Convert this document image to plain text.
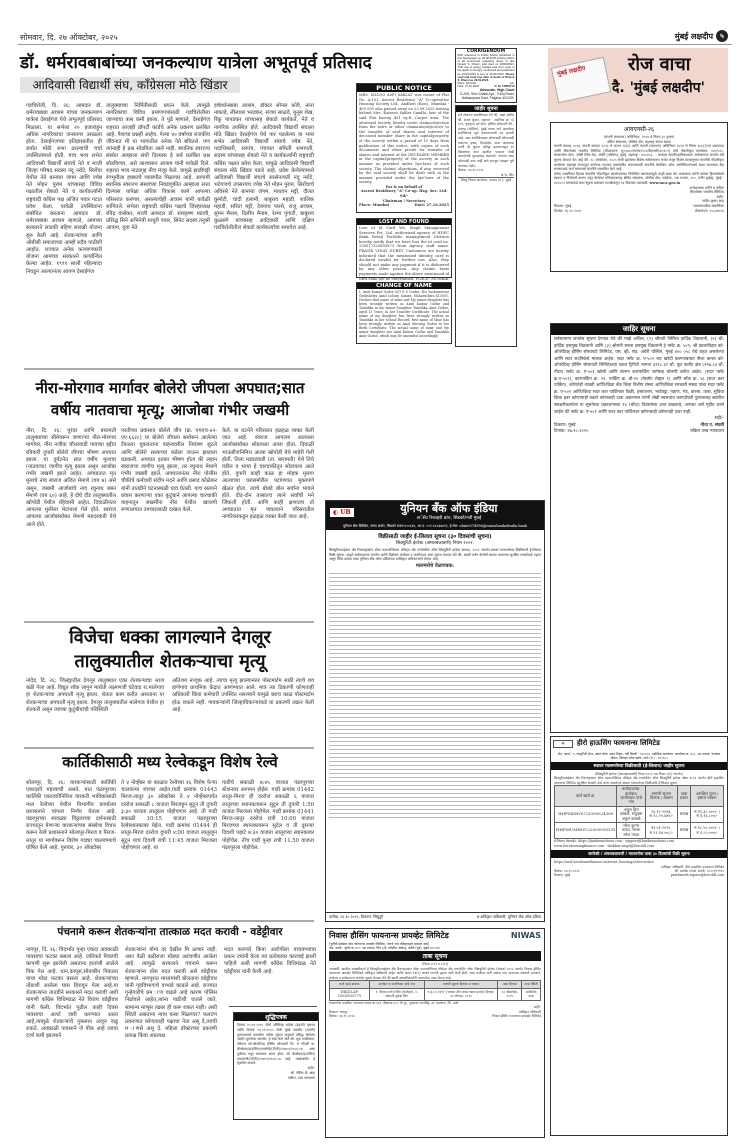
सोमवार, दि. २७ ऑक्टोबर, २०२५	मुंबई लक्षदीप	५
डॉ. धर्मरावबाबांच्या जनकल्याण यात्रेला अभूतपूर्व प्रतिसाद
आदिवासी विद्यार्थी संघ, काँग्रेसला मोठे खिंडार
गडचिरोली, दि. २६: आमदार डॉ. धर्मरावबाबा आत्राम यांच्या जनकल्याण यात्रेला देसाईगंज येथे अभूतपूर्व प्रतिसाद मिळाला. या सभेला २० हजारांहून अधिक नागरिकांचा जनसागर उसळला होता. देसाईगंजच्या इतिहासातील ही सर्वात मोठी सभा ठरल्याची चर्चा उपस्थितांमध्ये होती. याच भव्य सभेत आदिवासी विद्यार्थी संघाचे नेते व माजी जिल्हा परिषद सदस्य नंदू नरोटे, सिरोंचा येथील नेते बानय्या जंगम आणि ज्येष्ठ नेते मोहन पुराम यांच्यासह विविध पक्षातील शेकडो नेते व कार्यकर्त्यांनी राष्ट्रवादी काँग्रेस पक्ष अजित पवार गटात प्रवेश केला. यावेळी उपस्थितांना संबोधित करताना आमदार डॉ. धर्मरावबाबा आत्राम म्हणाले, आमच्या सरकारने लाडकी बहिण सारखी योजना सुरु केली आहे. शेतकऱ्यांच्या आणि ओबीसी समाजाच्या आम्ही सदैव पाठीशी आहोत. राज्यात अनेक कल्याणकारी योजना आमच्या सरकारने कार्यान्वित केल्या आहेत. १९९१ साली पहिल्यांदा निवडून आल्यानंतर आपण देसाईगंज
तालुक्याच्या निर्मितीसाठी प्रयत्न केले. त्यामुळे नागरिकांचा विविध प्रमाणपत्रांसाठी गडचिरोलीला जाण्याचा त्रास कमी झाला. ते पुढे म्हणाले, देसाईगंज शहरात आजही प्रॉपर्टी कार्डचे अनेक प्रकरण प्रलंबित आहे. पैशाचा प्रश्नही आहेच. गेल्या ४० वर्षाच्या राजकीय जीवनात मी या भागातील अनेक नेते बघितले. पण त्यांनाही हे प्रश्न सोडविता आले नाही. स्थानिक स्वराज्य संस्थेत आम्हाला संधी दिल्यास हे सर्व प्रलंबित प्रश्न सोडविणार, असे आश्वासन आत्राम यांनी यावेळी दिले. शहरात भव्य नाट्यगृह नीच मंजूर केले. यामुळे झाडीपट्टी रंगभूमीला हक्काचे व्यासपीठ मिळणार आहे. आगामी स्थानिक स्वराज्य संस्थांच्या निवडणुकीत आम्हाला सत्ता दिल्यास यापेक्षा अधिक विकास कामे आपल्या परिसरात करणार, असल्याचेही आत्राम यांनी यावेळी सांगितले. सभेला राष्ट्रवादी काँग्रेस पक्षाचे जिल्हाध्यक्ष रविंद्र वासेकर, माजी आमदार डॉ. रामकृष्ण मडावी, प्रसिद्ध सिने अभिनेत्री माधुरी पवार, सिनेट सदस्य तनुश्री आत्राम, युवा नेते
हर्षवर्धनबाबा आत्राम, डॉक्टर सोनल कोवे, नाना नाकाडे, लीलाधर भरडकर, संजय साळवे, युनूस शेख, रिंकू पापडकर यांच्यासह शेकडो कार्यकर्ते, नेते व नागरिक उपस्थित होते. आदिवासी विद्यार्थी संघाला मोठे खिंडार देसाईगंज येथे पार पडलेल्या या भव्य सभेत आदिवासी विद्यार्थी संघाचे ज्येष्ठ नेते, पदाधिकारी, सरपंच, पंचायत समिती सभापती, सदस्य यांच्यासह शेकडो नेते व कार्यकर्त्यांनी राष्ट्रवादी काँग्रेस पक्षात प्रवेश केला. यामुळे आदिवासी विद्यार्थी संघाला मोठे खिंडार पडले आहे. प्रवेश केलेल्यांमध्ये आदिवासी विद्यार्थी संघाचे सरसेनापती नंदू नरोटे, भटेगावचे उपसरपंच ज्येष्ठ नेते मोहन पुराम, सिरोंचाचे अविसरे नेते बानय्या जंगम, माधवन मट्टी, दौलत कुमोटी, चांदी हलामी, बाबुराव महाडी, शालिक महाडी, सरिता मट्टी, देवनाथ पारसे, राजू आत्राम, सुमन मैनाम, दिलीप मैनाम, रेश्मा पुंगाटी, बाबुराव कुळसंगे यांच्यासह आदिवासी आणि दक्षिण गडचिरोलीतील शेकडो कार्यकर्त्यांचा समावेश आहे.
PUBLIC NOTICE
MRS. SILLOO ASPI SAKLAT was owner of Flat No. A-101, Ascent Residency "A" Co-operative Housing Society Ltd., Andheri (East), Mumbai - 400 093 who passed away on 23.09.2025 leaving behind Mrs. Kaizeen Saklat Gandhi, heir of the said Flat having 451 sq.ft. Carpet area. The aforesaid Society hereby invite claims/objection from the heirs or other claimants/objector/s to the transfer of said shares and interest of deceased member share in the capital/property of the society within a period of 15 days from publication of this notice, with copies of such documents and other proofs for transfer of shares and interest of the DECEASED MEMBER in the capital/property of the society in such manner as provided under bye-laws of such society. The claims/ objections, if any, received by the said society shall be dealt with in the manner provided under the bye-laws of the society.
For & on behalf of
Ascent Residency "A" Co-op. Hsg. Soc. Ltd.
Sd/-
Chairman / Secretary
Place: Mumbai	Date: 27.10.2025
LOST AND FOUND
Loss of Id Card We, Singh Management Services Pvt. Ltd. authorized agency of HDFC Bank Retail Portfolio management Division hereby notify that we have lost the id card no. 250517325803873 from Agency staff name. PRATIK VINAY DUBEY. Customers are hereby informed that the mentioned identity card is declared invalid for further use. Also, they should not make any payment if it is disbursed by any other person. Any claims basis payments made against the above mentioned id card shall not be entertained. PLACE: MUMBAI
CHANGE OF NAME
I, Amit Kumar Godse S/O S S Godse, R/o Yashwantrao Grukshetra Azad Colony, Satara, Maharashtra 415001, Declare that name of mine and My minor daughter has been wrongly written as Amit Kumar Godse and Tanishka in my minor Daughter Tanishka Amit Godse, aged 13 Years, in her Transfer Certificate. The actual name of my daughter has been wrongly written as Tanishka in her School Record, first name of Mine has been wrongly written as Amit Shivang Godse in her Birth Certificate. The actual name of mine and My minor daughter are Amit Kumar Godse and Tanishka Amit Godse, which may be amended accordingly.
CORRIGENDUM
With reference to Public Notice published in this Newspaper on 20.08.2025 inviting claims of all concerned regarding share of late Dinesh S. Dhami, who died on 29/09/2023. That due to typing mistake and error, date of his death is wrongly mentioned and published as 23.09.2024 in lieu of 29.09.2023. Please read and treat true date of death of Dinesh S. Dhami as 29.09.2023.
Place: Mumbai	sd/-
Date: 27.10.2025	D. M. TRIPATHI
Advocate, High Court
G-206, Shiv Shakti Apt., Tulinj Road, Nallasopara East, Palghar 401209.
जाहीर सूचना
सर्व लोकांना कळविण्यात येते की, माझे अशील श्री. संजय कुमार, राहणार - सदनिका क्र. ए/१०१, गुरुकृपा को-ऑप. हौसिंग सोसायटी लि., मालाड (पश्चिम), मुंबई यांच्या नावे असलेल्या सदनिकेच्या मूळ करारनाम्याची प्रत हरवली आहे. सदर सदनिकेबाबत कोणाचाही कोणत्याही प्रकारचा हक्क, हितसंबंध, दावा असल्यास त्यांनी ही सूचना प्रसिद्ध झाल्यापासून १४ दिवसांच्या आत खालील पत्त्यावर लेखी कागदोपत्री पुराव्यासह कळवावे. अन्यथा असा कोणताही दावा नाही असे समजून व्यवहार पूर्ण करण्यात येईल.
दिनांक: २७.१०.२०२५
अॅड. सिंग
विष्णु निवास कार्यालय, मालाड (प.), मुंबई
मुंबई लक्षदीप रोज वाचा
दै. 'मुंबई लक्षदीप'
आयएनसी-२६
(कंपनी (स्थापना) अधिनियम, २०१४ चे नियम ३० नुसार)
क्षेत्रिय संचालक, पश्चिम क्षेत्र, महाराष्ट्र यांच्या समक्ष
कंपनी कायदा २०१३, कंपनी कायदा २०१३ चे कलम १३(४) आणि कंपनी (स्थापना) अधिनियम २०१४ चे नियम ३०(६)(अ) प्रकरणात आणि सिरलोक्स भारतीय लिमिटेड (सीआयएन: यू१५४००एमएच१९८६पीएलसी०४०९८१) यांचे नोंदणीकृत कार्यालय: ५०९/५१०, मेल्कन्स्टेल सेंटर, अंधेरी लिंक रोड, अंधेरी (पश्चिम), मुंबई, महाराष्ट्र - ४०००५३. ...अर्जदार कंपनी/याचिकाकर्ता. सर्वसामान्य जनतेस येथे सूचना देण्यात येत आहे की, २८ ऑक्टोबर, २०२५ रोजी झालेल्या विशेष सर्वसाधारण सभेत मंजूर विशेष ठरावानुसार कंपनीचे नोंदणीकृत कार्यालय महाराष्ट्र राज्यातून कर्नाटक राज्यात स्थलांतरित करण्यासाठी कंपनीचे मेमोरँडम ऑफ असोसिएशनमध्ये बदल करण्यास केंद्र सरकारकडे अर्ज करण्याचे कंपनीने प्रस्तावित केले आहे.
कोणा व्यक्तीच्या हितास कंपनीचे नोंदणीकृत कार्यालयाच्या नियोजित स्थलांतरामुळे काही बाधा येत असल्यास त्यांनी त्यांच्या हितसंबंधाचे स्वरूप व विरोधाचे कारण नमुद केलेल्या प्रतिज्ञापत्रासह क्षेत्रिय संचालक, पश्चिम क्षेत्र, एव्हरेस्ट, ५वा मजला, १००, मरीन ड्राईव्ह, मुंबई - ४००००२ यांच्याकडे सदर सूचना प्रकाशन तारखेपासून १४ दिवसांत पाठवावी. www.mca.gov.in
अर्जदाराच्या वतीने व करिता
सिरलोक्स भारतीय लिमिटेड
सही/-
संदीप कुमार शाह
ठिकाण: मुंबई	व्यवस्थापकीय संचालिका
दिनांक: २६.१०.२०२५	डीआयएन: ०५८४४५९६
जाहिर सूचना
सर्वसामान्य जनतेस सूचना देण्यात येते की माझे अशिल, (१) श्रीमती निर्मिला हार्दिक विठलानी, (२) श्री. हार्दिक हसमुख विठलानी आणि (३) श्रीमती सरला हसमुख विठलानी हे फ्लॅट क्र. ५०९, श्री कालाविहार को-ऑपरेटिव्ह हौसिंग सोसायटी लिमिटेड, एस. व्ही. रोड, अंधेरी पश्चिम, मुंबई ४०० ०५८ येथे राहत असलेल्या आणि सदर सदनिकेचे मालक आहेत. सदर फ्लॅट क्र. ए-५०१ च्या खरेदी करण्याबाबत नीला कमल को-ऑपरेटिव्ह हौसिंग सोसायटी लिमिटेडच्या एकत्र ट्रिनिटी भागात ३१९८.३१ चौ. फूट कार्पेट क्षेत्र (२९७.८४ चौ. मीटर) फ्लॅट क्र. ए-५०१ खोली आणि संलग्न कारपार्किंग जागेसह बोलणी करीत आहेत. (सदर फ्लॅट क्र.ए-५०१), कारपार्किंग क्र. २९, पार्किंग क्र. बी-२५ (बेसमेंट लेव्हल १) आणि स्टॅक क्र. ५६ (सदर कार पार्किंग). कोणतेही व्यक्ती आणि/किंवा बँक किंवा वित्तीय संस्था आणि/किंवा सरकारी संस्था यांचा सदर फ्लॅट क्र. ए-५०१ आणि/किंवा सदर कार पार्किंगवर विक्री, हस्तांतरण, भाडेपट्टा, गहाण, भेट, वारसा, ताबा, सुविधा किंवा इतर कोणत्याही प्रकारे कोणताही दावा असल्यास त्यांनी लेखी स्वरूपात कागदोपत्री पुराव्यासह खालील स्वाक्षरीकर्त्याला या सूचनेच्या प्रकाशनाच्या १४ (चौदा) दिवसांच्या आत कळवावे, अन्यथा असे गृहीत धरले जाईल की फ्लॅट क्र. ए-५०१ आणि सदर कार पार्किंगवर कोणाचाही कोणताही दावा नाही.
सही/-
ठिकाण: मुंबई	नीता ए. संघवी
दिनांक: २७.१०.२०२५	वकिल उच्च न्यायालय
▤	हीरो हाऊसिंग फायनान्स लिमिटेड
नोंद. कार्या.: ९, कम्युनिटी सेंटर, बसंत लोक, वसंत विहार, नवी दिल्ली - ११००५७. प्रादेशिक कार्यालय: कार्यालय क्र. ३०८, ३रा मजला, रुणवाल ऑपल, सिल्व्हर ओक इस्टेट, ठाणे (प.) - ४००६०५
स्थावर मालमत्तेच्या विक्रीसाठी (ई-लिलाव) जाहीर सूचना
(सिक्युरिटी इंटरेस्ट (अंमलबजावणी) नियम २००२ च्या नियम ८(६) अंतर्गत)
सिक्युरिटायझेशन अँड रिकन्स्ट्रक्शन ऑफ फायनान्शियल अ‍ॅसेट्स अँड एन्फोर्समेंट ऑफ सिक्युरिटी इंटरेस्ट अ‍ॅक्ट २००२ अंतर्गत हीरो हाऊसिंग फायनान्स लिमिटेड (सुरक्षित धनको) कडे तारण असलेल्या स्थावर मालमत्तेच्या विक्रीसाठी ई-लिलाव सूचना.
कर्ज खाते क्र.	कर्जदार/सह-कर्जदार/जामीनदार यांचे नाव	मागणी सूचना दिनांक / रक्कम	ताबा प्रकार	आरक्षित मूल्य / इसारा रक्कम
HHFMDHOU22000024369	अतुल हिरा कांबळे, संयुक्ता अतुल कांबळे	२६.१२.२०२४, रु.१८,२५,६७२/-	प्रत्यक्ष	रु.१९,३८,०००/- / रु.१,९३,८००/-
HHFMUMHOU22000018135	रमेश कुमार यादव, सरला रमेश यादव	१९.०१.२०२५, रु.२२,१४,५०८/-	प्रत्यक्ष	रु.१८,५०,०००/- / रु.१,८५,०००/-
ई-लिलाव वेबसाईट: https://bankeauctions.com · support@bankeauctions.com
www.herohousingfinance.com · shekhar.singh@herohfl.com
सरफेसी / अंमलबजावणी / मालमत्तेचा ताबा ३० दिवसांची विक्री सूचना
https://ursl.herohomefinance.in/terms_housing/other-notice
प्राधिकृत अधिकारी, हीरो हाऊसिंग फायनान्स लिमिटेड
दिनांक: २६.१०.२०२५	श्री. प्रथमेश तापसे, संपर्क: ९८२०९९९९९९
ठिकाण: मुंबई	prathmesh.tapase@herohfl.com
नीरा-मोरगाव मार्गावर बोलेरो जीपला अपघात;सात
वर्षीय नातवाचा मृत्यू; आजोबा गंभीर जखमी
नीरा, दि. २६: पुरंदर आणि बारामती तालुक्याच्या सीमेवरून जाणाऱ्या नीरा-मोरगाव मार्गावर, नीरा नजीक चौधरवाडी गावच्या हद्दीत रविवारी दुपारी बोलेरो जीपचा भीषण अपघात झाला. या दुर्घटनेत सात वर्षीय मुलाचा (नातवाचा) जागीच मृत्यू झाला असून आजोबा गंभीर जखमी झाले आहेत. अपघातात मृत मुलाचे नाव स्वराज अजित मेमाणे (वय ७) असे असून, जखमी आजोबांचे नाव रघुनाथ बबन मेमाणे (वय ६०) आहे. हे दोघे दौंड तालुक्यातील खोपोडी येथील रहिवासी आहेत. दिवाळीनंतर आपल्या मुलीला भेटायला गेले होते. स्वराज आपल्या आजोबांसोबत मेमाणे मडदरवाडी येथे आले होते.
परतीच्या प्रवासात बोलेरो जीप (क्र. एमएच-४२-एए-६६२८) या बोलेरो जीपला समोरून आलेल्या टँकरला चुकवताना वाहनावरील नियंत्रण सुटले आणि बोलेरो रस्त्याच्या कडेला जाऊन झाडाला धडकली. अपघात इतका भीषण होता की लहान स्वराजचा जागीच मृत्यू झाला, तर रघुनाथ मेमाणे गंभीर जखमी झाले. अपघातानंतर नीरा पोलीस चौकीचे कर्मचारी संदीप मदने आणि प्रसाद कोळेकर यांनी तातडीने घटनास्थळी धाव घेतली. याच रस्त्याने प्रवास करणाऱ्या एका कुटुंबाने आपल्या चारचाकी वाहनातून जखमींना नीरा येथील खाजगी रुग्णालयात उपचारासाठी दाखल केले.
केले. या घटनेने परिसरात हळहळ व्यक्त केली जात आहे. स्वराज आपल्या आत्याला आजोबांसोबत सोडायला आला होता. दिवाळी भाऊबीजनिमित्त आत्या खोपोडी येथे माहेरी गेली होती. तिला मडदरवाडी (ता. बारामती) येथे तिचे वडील व भाचा हे चारचाकीतून सोडायला आले होते. दुपारी काही काळ हा मोहक मुलगा आत्याच्या घरासमोरील पटांगणात मुक्तपणे खेळत होता. त्याचे बोबडे बोल सर्वांना भावले होते. दीड-दोन तासांतच त्याने सर्वांची मने जिंकली होती. आणि काही क्षणातच तो अपघातात मृत पावल्याने परिसरातील नागरिकांकडून हळहळ व्यक्त केली जात आहे.
विजेचा धक्का लागल्याने देगलूर
तालुक्यातील शेतकऱ्याचा मृत्यू
नांदेड, दि. २६: जिल्ह्यातील देगलूर तालुक्यात एका शेतकऱ्याचा आज बळी गेला आहे. विद्युत शॉक लागून मारोती लक्ष्मणजी घंटेवाड रा.मालेगाव हा शेतकऱ्यांचा अपघाती मृत्यू झाला. शेतात काम करीत असताना या शेतकऱ्याचा अपघाती मृत्यू झाला. देगलूर तालुक्यातील मालेगाव येथील हा शेतकरी असून त्याच्या कुटुंबीयांची परिस्थिती
अतिशय नाजूक आहे. त्याचा मृत्यू झाल्यानंतर पोस्टमार्टम साठी त्याचे शव हाणेगाव प्राथमिक केंद्रात आणण्यात आले. मात्र त्या ठिकाणी कोणताही अधिकारी किंवा कर्मचारी उपस्थित नसल्याने यामुळे बराच काळ पोस्टमार्टम होऊ शकले नाही. गावकऱ्यांनी जिल्हाधिकाऱ्यांकडे या प्रकरणी तक्रार केली आहे.
कार्तिकीसाठी मध्य रेल्वेकडून विशेष रेल्वे
सोलापूर, दि. २६: वारकऱ्यांसाठी कार्तिकी एकादशी महत्त्वाची असते. यात पंढरपूरच्या कार्तिकी एकादशीनिमित्त वारकरी भाविकांसाठी मध्य रेल्वेच्या येथील विभागीय कार्यालय प्रशासनाने चांगला निर्णय घेतला आहे. पंढरपूरच्या सावळ्या विठ्ठलाच्या दर्शनासाठी राज्यातून येणाऱ्या वारकऱ्यांच्या संख्येचा विचार करून रेल्वे प्रशासनाने सोलापूर-मिरज व मिरज-लातूर या मार्गावरून विशेष गाड्या चालवण्याचे घोषित केले आहे. गुरुवार, ३० ऑक्टोबर
ते ४ नोव्हेंबर या काळात रेल्वेच्या १६ विशेष फेऱ्या चालवल्या जाणार आहेत.गाडी क्रमांक 01443 मिरज-लातूर ३० ऑक्टोबर ते ४ नोव्हेंबरपर्यंत दररोज सकाळी ८ वाजता मिरजहून सुटून ती दुपारी ३:३० वाजता लातूरला पोहोचणार आहे. ती गाडी सकाळी 10:15 वाजता पंढरपूरच्या रेल्वेस्थानकावर येईल. गाडी क्रमांक 01444 ही लातूर-मिरज दररोज दुपारी ४:00 वाजता लातूरहून सुटून याच दिवशी रात्री 11:45 वाजता मिरजला पोहोचणार आहे. या
गाडीचे सकाळी ७:४५ वाजता पंढरपूरच्या स्टेशनवर आगमन होईल. गाडी क्रमांक 01442 लातूर-मिरज ही दररोज सकाळी ६ वाजता लातूरच्या स्थानकावरून सुटून ती दुपारी 1:50 वाजता मिरजला पोहोचेल. गाडी क्रमांक 01441 मिरज-लातूर दररोज रात्री 10:00 वाजता मिरजच्या स्थानकावरून सुटेल व ती दुसऱ्या दिवशी पहाटे ७:३० वाजता लातूरच्या स्थानकावर पोहोचेल. तीच गाडी पुन्हा रात्री 11.50 वाजता पंढरपूरला पोहोचेल.
पंचनामे करून शेतकऱ्यांना तात्काळ मदत करावी - वडेट्टीवार
नागपूर, दि. २६: विदर्भात पुन्हा एकदा अवकाळी पावसाचा फटका बसला आहे. एकीकडे पिकांची कापणी सुरू झालेली असताना हातांशी आलेले पिक गेल आहे. धान,कापूस,सोयाबीन पिकाला याचा मोठा फटका बसला आहे. शेतकऱ्यांच्या तोंडाशी आलेला घास हिरावून गेला आहे.या शेतकऱ्यांना तातडीने सरकारने मदत करावी अशी मागणी काँग्रेस विधिमंडळ नेते विजय वडेट्टीवार यांनी केली. विदर्भात पुढील काही दिवस पावसाचा अलर्ट जारी करण्यात आला आहे,त्यामुळे शेतकऱ्यांचे नुकसान अजून वाढू शकते. अवकाळी पावसाने जे पीक आहे त्याचा दर्जा कमी झाल्याने
शेतकऱ्यांना योग्य दर देखील मि ळणार नाही. अशा वेळी बळीराजा मोठ्या अडचणीत आलेला आहे. त्यामुळे सरकारने पंचनामे करून शेतकऱ्यांना ठोस मदत करावी असे वडेट्टीवार म्हणाले. नागपुरात माध्यमांशी बोलताना वडेट्टीवार यांनी गृहविभागाचे वाभाडे काढले आहे. राज्यात गुन्हेगारीचे प्रम ाण वाढले आहे कारण पोलिस निर्ढावले आहेत,त्यांना पाठीशी घातले जाते, सामान्य माणूस तक्रार ही करू शकत नाही। अशी स्थिती असताना न्याय कसा मिळणार? फलटण प्रकरणात कोणत्याही पक्षाचा नेता असू दे,त्यांची म ाणसे असू दे. महिला डॉक्टरच्या प्रकरणी प्रत्यक्ष किंवा अप्रत्यक्ष
मदत करणारे किंवा आरोपीला वाचवण्याचा प्रयत्न ज्यांनी केला त्या प्रत्येकावर कारवाई झाली पाहिजे अशी मागणी काँग्रेस विधिमंडळ नेते वडेट्टीवार यांनी केली आहे.
शुद्धिपत्रक
दिनांक १५.०९.२०२५ रोजी ऑक्टिव्ह टाईम्स (इंग्रजी) वृत्तपत्र आणि दिनांक १६.०९.२०२५ रोजी मुंबई लक्षदीप (मराठी) वृत्तपत्रामध्ये प्रकाशित जाहिर सूचना अनुक्रमे प्रसिद्ध केलेल्या जाहीर सूचनेच्या संदर्भात, हे स्पष्ट केले जाते की, मूळ तपशिलात, गोरेगाव को-ऑपरेटिव्ह हौसिंग सोसायटी लि. चे नोंदणी क्र. बीओएम/हाऊसिंग/एनओसी/(टीसी)/१२७०९/१९८६-८७ असा चुकीचा नमूद करण्यात आला होता, जो बीओएम/हाऊसिंग/एचएससी/(टीसी)/१०७०९/१९८६-८७ आहे. त्याबाबतीत हे सुधारित वाचावे.
सही/-
श्री. नीतिन पी. खंडा
वकील, उच्च न्यायालय
◐ UB	युनियन बँक ऑफ इंडिया
अॅसेट रिकव्हरी ब्रांच, सिडको/नवी मुंबई
यूनियन बँक बिल्डिंग, संगम समोर, सिडको भवन-४००६१४, आ.प. ०२२-४८४३७४९९, ई-मेल: ubin0574996@unionbankofindia.bank
विक्रीसाठी जाहीर ई-लिलाव सूचना (३० दिवसांची सूचना)
सिक्युरिटी इंटरेस्ट (अंमलबजावणी) नियम २००२.
सिक्युरिटायझेशन अँड रिकन्स्ट्रक्शन ऑफ फायनान्शियल अ‍ॅसेट्स अँड एन्फोर्समेंट ऑफ सिक्युरिटी इंटरेस्ट कायदा, २००२ अंतर्गत स्थावर मालमत्तेच्या विक्रीसाठी ई-लिलाव विक्री सूचना. याद्वारे सर्वसाधारण जनतेस आणि विशेषतः कर्जदार व जामीनदार यांना सूचना देण्यात येते की, खाली वर्णन केलेली स्थावर मालमत्ता सुरक्षित धनकोकडे गहाण असून तिचा प्रत्यक्ष ताबा युनियन बँक ऑफ इंडियाच्या प्राधिकृत अधिकाऱ्याने घेतला आहे.
मालमत्तेचे वेळापत्रक:
तारीख: २६.१०.२०२५, ठिकाण: सिंधुदुर्ग	प्र-अधिकृत अधिकारी, युनियन बँक ऑफ इंडिया
निवास हौसिंग फायनान्स प्रायव्हेट लिमिटेड	NIWAS
(पूर्वीची इंडोस्टार होम फायनान्स प्रायव्हेट लिमिटेड, ज्याचे नाव रजिस्ट्रारद्वारे बदलले आहे)
नोंद. कार्या.: युनिट क्र.५०१, ५वा मजला, विंग १/ई, कॉर्पोरेट अव्हेन्यू, अंधेरी (पूर्व), मुंबई-४०००९३
ताबा सूचना
(नियम ८(१) व ८(२))
ज्याअर्थी, खालील स्वाक्षरीकर्ता हे सिक्युरिटायझेशन अँड रिकन्स्ट्रक्शन ऑफ फायनान्शियल अ‍ॅसेट्स अँड एन्फोर्समेंट ऑफ सिक्युरिटी इंटरेस्ट (सेकंड) २००२ अंतर्गत निवास हौसिंग फायनान्स प्रायव्हेट लिमिटेडचे प्राधिकृत अधिकारी आहेत आणि कलम १३(२) अन्वये मागणी सूचना जारी केली होती. सदर कर्जदार यांनी रक्कम परत करण्यास असमर्थ ठरल्याने, कर्जदार व सर्वसामान्य जनतेस सूचना देण्यात येते की खाली स्वाक्षरीकर्त्यांनी मालमत्तेचा ताबा घेतला आहे.
कर्ज खाते क्रमांक	कर्जदार व जामीनदार यांचे नाव	मागणी सूचना दिनांक व रक्कम	ताबा दिनांक	ताबा स्थिती
1HKJ1LAP-10030038779	१. दिपक मनोज सिंग (कर्जदार), २. सोनाली मुकेश सिंग	रु.३,५०,९२९/- (रक्कम तीन लाख पन्नास हजार) दिनांक: २१ ऑगस्ट, २०२५	२२ ऑक्टोबर, २०२५	सांकेतिक ताबा
मालमत्तेचा तपशील: मालमत्ता धारण क्र.५९१, क्षेत्रफळ ५०० चौ.फु., मुक्काम नगरसिंह, ता. कल्याण, जि. ठाणे.
सही/-
ठिकाण: नागपूर	प्राधिकृत अधिकारी
दिनांक: २७.१०.२०२५	निवास हौसिंग फायनान्स प्रायव्हेट लिमिटेड
